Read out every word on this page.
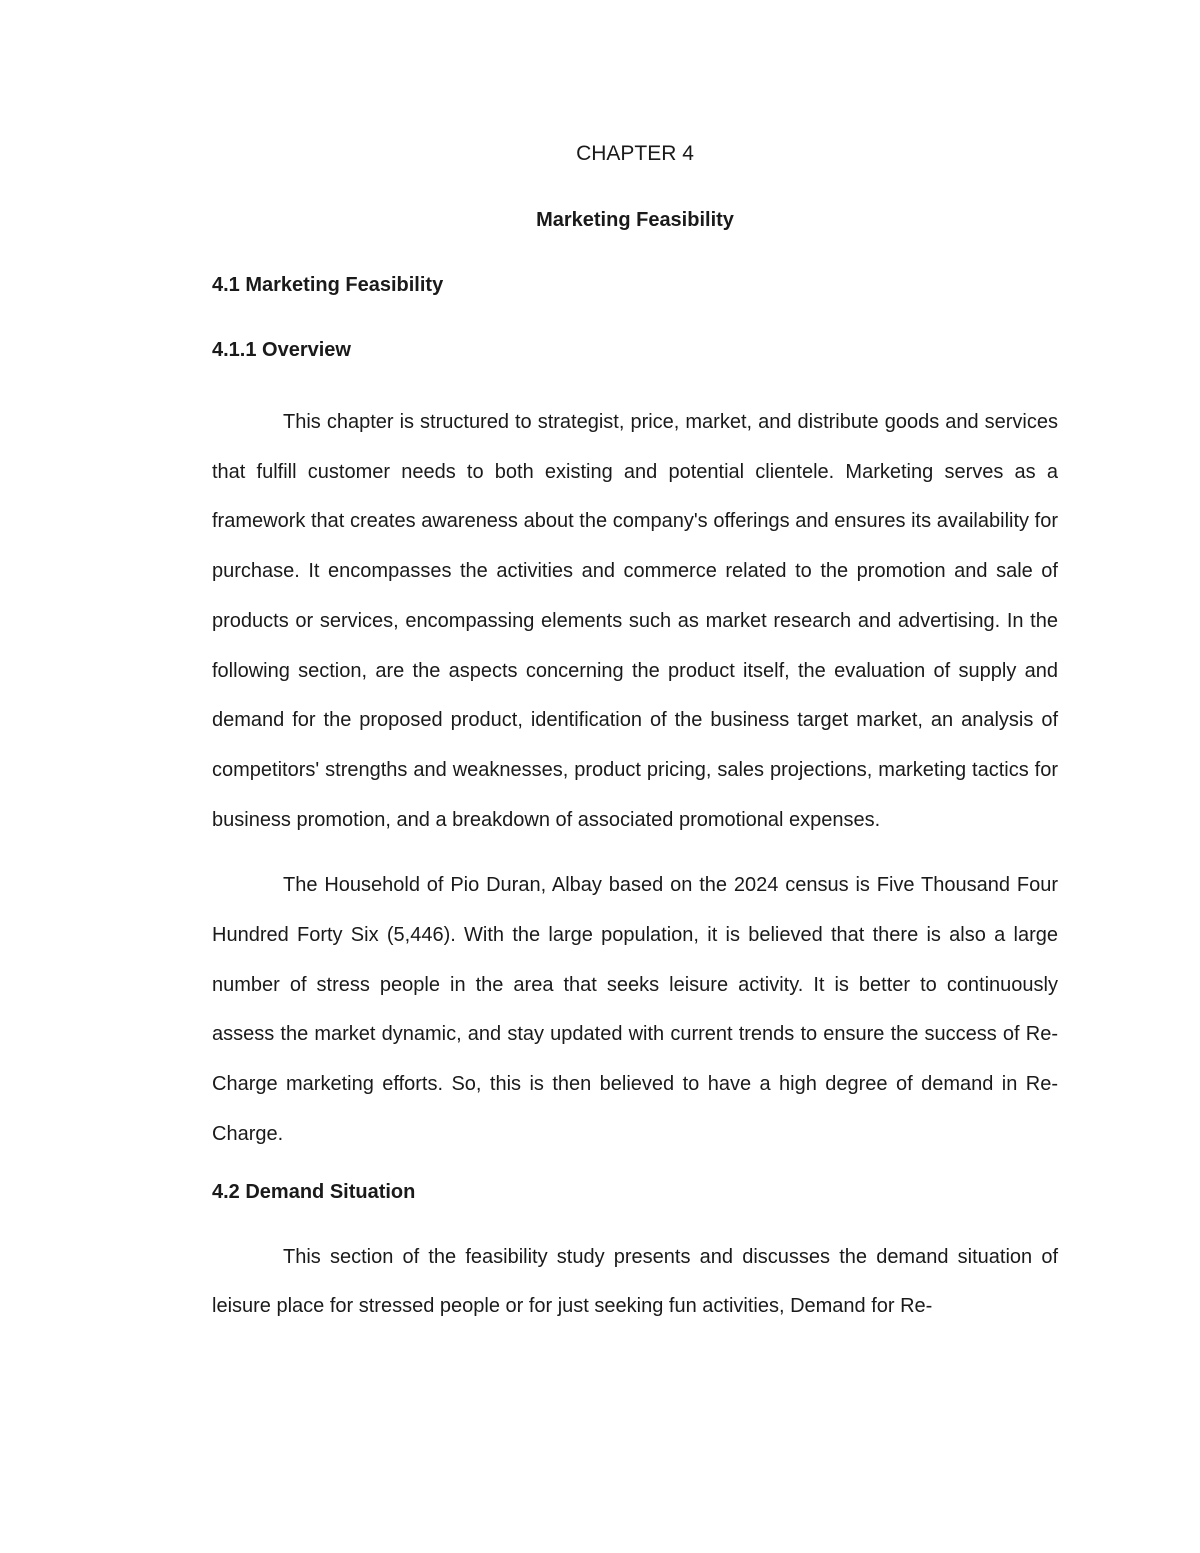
CHAPTER 4

Marketing Feasibility

4.1 Marketing Feasibility

4.1.1 Overview

This chapter is structured to strategist, price, market, and distribute goods and services that fulfill customer needs to both existing and potential clientele. Marketing serves as a framework that creates awareness about the company's offerings and ensures its availability for purchase. It encompasses the activities and commerce related to the promotion and sale of products or services, encompassing elements such as market research and advertising. In the following section, are the aspects concerning the product itself, the evaluation of supply and demand for the proposed product, identification of the business target market, an analysis of competitors' strengths and weaknesses, product pricing, sales projections, marketing tactics for business promotion, and a breakdown of associated promotional expenses.

The Household of Pio Duran, Albay based on the 2024 census is Five Thousand Four Hundred Forty Six (5,446). With the large population, it is believed that there is also a large number of stress people in the area that seeks leisure activity. It is better to continuously assess the market dynamic, and stay updated with current trends to ensure the success of Re-Charge marketing efforts. So, this is then believed to have a high degree of demand in Re-Charge.

4.2 Demand Situation

This section of the feasibility study presents and discusses the demand situation of leisure place for stressed people or for just seeking fun activities, Demand for Re-
